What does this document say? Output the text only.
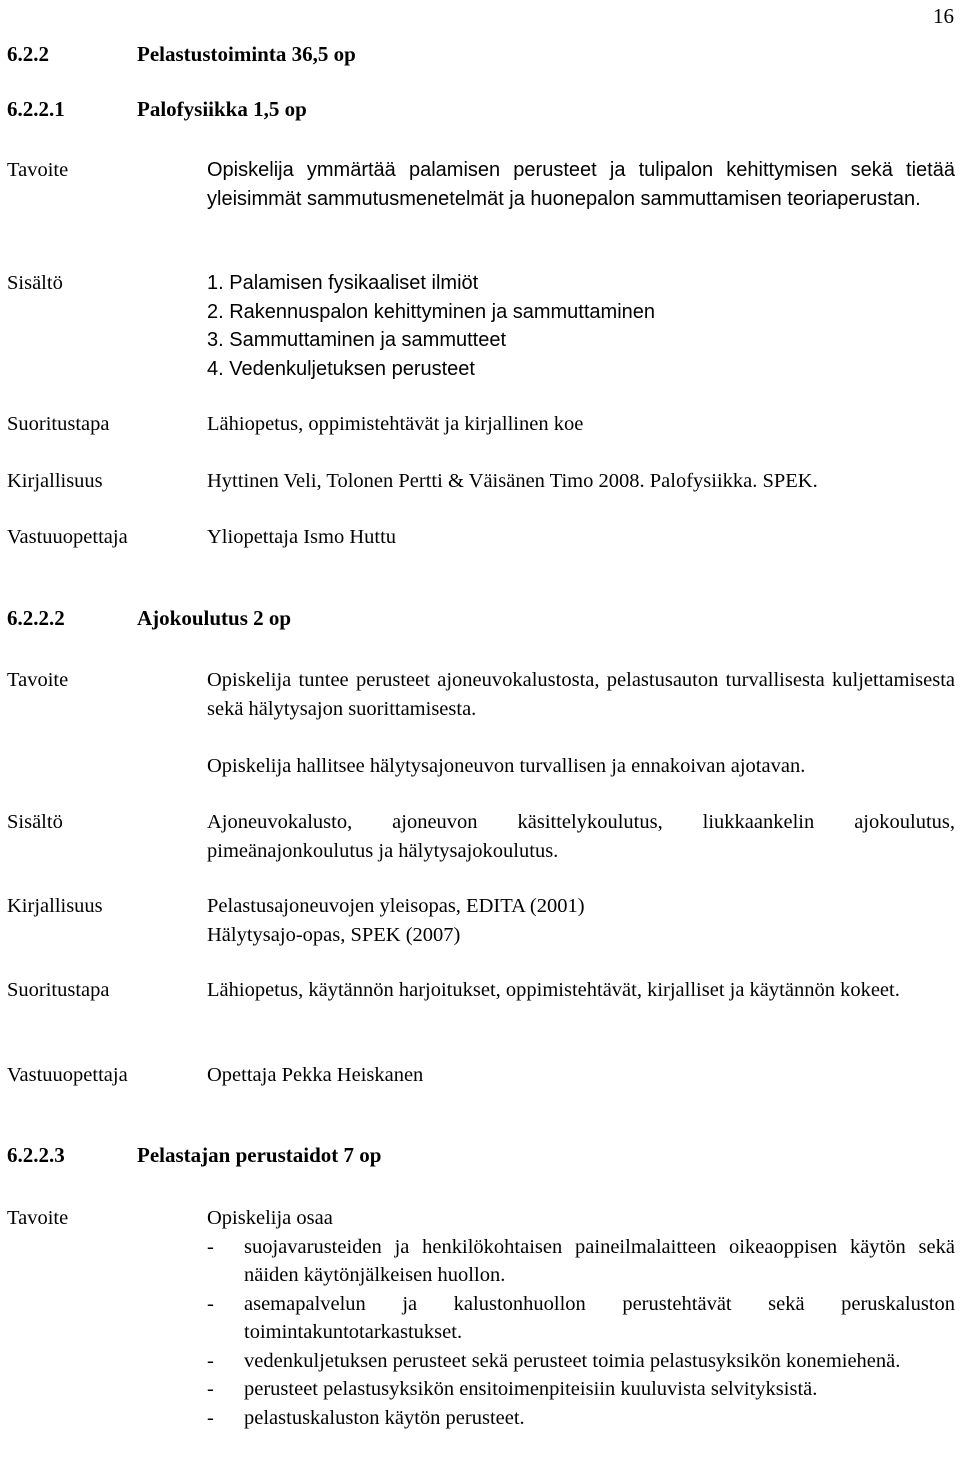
16
6.2.2	Pelastustoiminta 36,5 op
6.2.2.1	Palofysiikka 1,5 op
Tavoite	Opiskelija ymmärtää palamisen perusteet ja tulipalon kehittymisen sekä tietää yleisimmät sammutusmenetelmät ja huonepalon sammuttamisen teoriaperustan.
Sisältö	1. Palamisen fysikaaliset ilmiöt
2. Rakennuspalon kehittyminen ja sammuttaminen
3. Sammuttaminen ja sammutteet
4. Vedenkuljetuksen perusteet
Suoritustapa	Lähiopetus, oppimistehtävät ja kirjallinen koe
Kirjallisuus	Hyttinen Veli, Tolonen Pertti & Väisänen Timo 2008. Palofysiikka. SPEK.
Vastuuopettaja	Yliopettaja Ismo Huttu
6.2.2.2	Ajokoulutus 2 op
Tavoite	Opiskelija tuntee perusteet ajoneuvokalustosta, pelastusauton turvallisesta kuljettamisesta sekä hälytysajon suorittamisesta.
Opiskelija hallitsee hälytysajoneuvon turvallisen ja ennakoivan ajotavan.
Sisältö	Ajoneuvokalusto, ajoneuvon käsittelykoulutus, liukkaankelin ajokoulutus, pimeänajonkoulutus ja hälytysajokoulutus.
Kirjallisuus	Pelastusajoneuvojen yleisopas, EDITA (2001)

Hälytysajo-opas, SPEK (2007)

Suoritustapa	Lähiopetus, käytännön harjoitukset, oppimistehtävät, kirjalliset ja käytännön kokeet.
Vastuuopettaja	Opettaja Pekka Heiskanen
6.2.2.3	Pelastajan perustaidot 7 op
Tavoite	Opiskelija osaa

- suojavarusteiden ja henkilökohtaisen paineilmalaitteen oikeaoppisen käytön sekä näiden käytönjälkeisen huollon.
- asemapalvelun ja kalustonhuollon perustehtävät sekä peruskaluston toimintakuntotarkastukset.
- vedenkuljetuksen perusteet sekä perusteet toimia pelastusyksikön konemiehenä.
- perusteet pelastusyksikön ensitoimenpiteisiin kuuluvista selvityksistä.
- pelastuskaluston käytön perusteet.
